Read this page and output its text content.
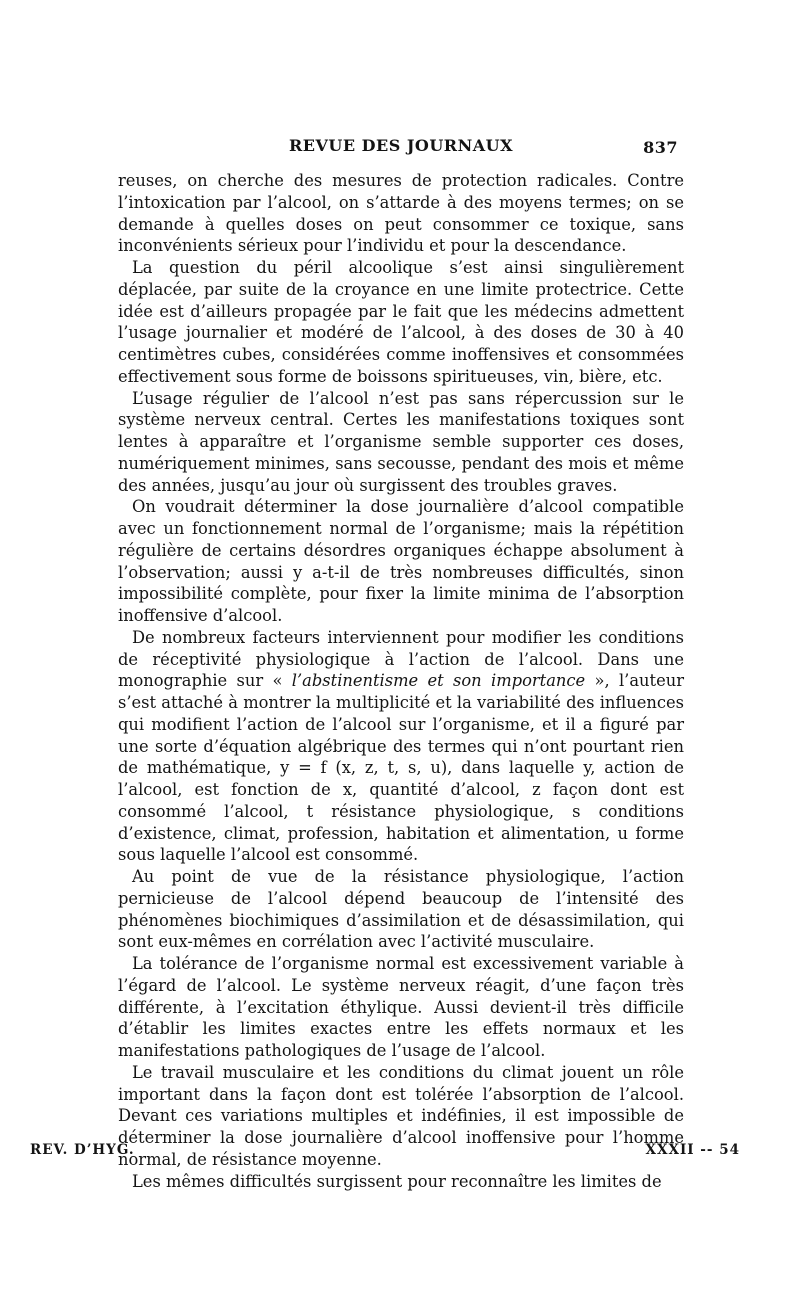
REVUE DES JOURNAUX	837

reuses, on cherche des mesures de protection radicales. Contre l’intoxication par l’alcool, on s’attarde à des moyens termes; on se demande à quelles doses on peut consommer ce toxique, sans inconvénients sérieux pour l’individu et pour la descendance.

La question du péril alcoolique s’est ainsi singulièrement déplacée, par suite de la croyance en une limite protectrice. Cette idée est d’ailleurs propagée par le fait que les médecins admettent l’usage journalier et modéré de l’alcool, à des doses de 30 à 40 centimètres cubes, considérées comme inoffensives et consommées effectivement sous forme de boissons spiritueuses, vin, bière, etc.

L’usage régulier de l’alcool n’est pas sans répercussion sur le système nerveux central. Certes les manifestations toxiques sont lentes à apparaître et l’organisme semble supporter ces doses, numériquement minimes, sans secousse, pendant des mois et même des années, jusqu’au jour où surgissent des troubles graves.

On voudrait déterminer la dose journalière d’alcool compatible avec un fonctionnement normal de l’organisme; mais la répétition régulière de certains désordres organiques échappe absolument à l’observation; aussi y a-t-il de très nombreuses difficultés, sinon impossibilité complète, pour fixer la limite minima de l’absorption inoffensive d’alcool.

De nombreux facteurs interviennent pour modifier les conditions de réceptivité physiologique à l’action de l’alcool. Dans une monographie sur « l’abstinentisme et son importance », l’auteur s’est attaché à montrer la multiplicité et la variabilité des influences qui modifient l’action de l’alcool sur l’organisme, et il a figuré par une sorte d’équation algébrique des termes qui n’ont pourtant rien de mathématique, y = f (x, z, t, s, u), dans laquelle y, action de l’alcool, est fonction de x, quantité d’alcool, z façon dont est consommé l’alcool, t résistance physiologique, s conditions d’existence, climat, profession, habitation et alimentation, u forme sous laquelle l’alcool est consommé.

Au point de vue de la résistance physiologique, l’action pernicieuse de l’alcool dépend beaucoup de l’intensité des phénomènes biochimiques d’assimilation et de désassimilation, qui sont eux-mêmes en corrélation avec l’activité musculaire.

La tolérance de l’organisme normal est excessivement variable à l’égard de l’alcool. Le système nerveux réagit, d’une façon très différente, à l’excitation éthylique. Aussi devient-il très difficile d’établir les limites exactes entre les effets normaux et les manifestations pathologiques de l’usage de l’alcool.

Le travail musculaire et les conditions du climat jouent un rôle important dans la façon dont est tolérée l’absorption de l’alcool. Devant ces variations multiples et indéfinies, il est impossible de déterminer la dose journalière d’alcool inoffensive pour l’homme normal, de résistance moyenne.

Les mêmes difficultés surgissent pour reconnaître les limites de

REV. D’HYG.	XXXII -- 54
